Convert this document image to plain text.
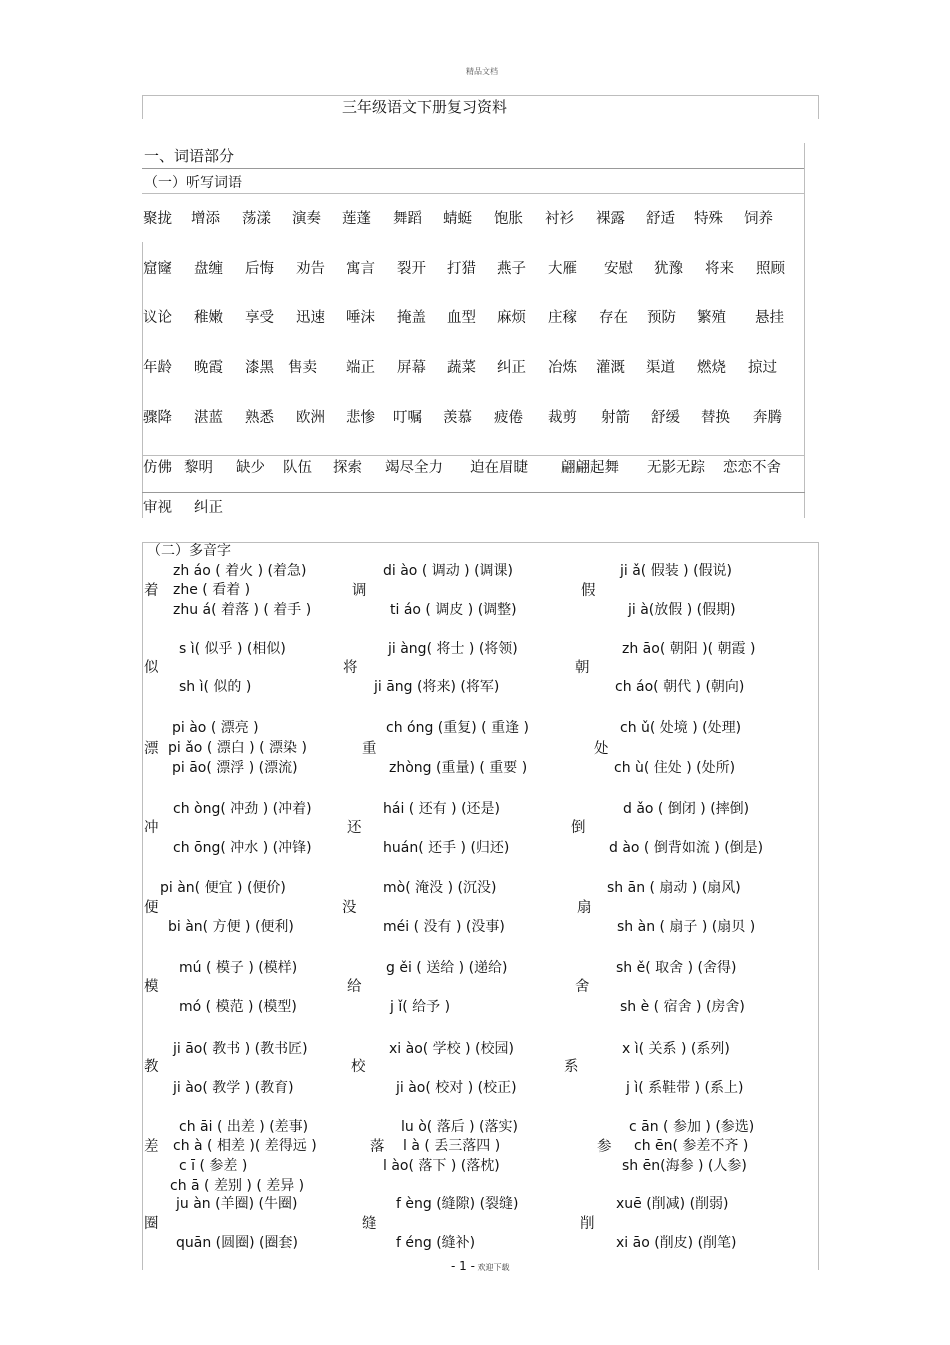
精品文档
三年级语文下册复习资料
一、词语部分
（一）听写词语
聚拢 增添 荡漾 演奏 莲蓬 舞蹈 蜻蜓 饱胀 衬衫 裸露 舒适 特殊 饲养
窟窿 盘缠 后悔 劝告 寓言 裂开 打猎 燕子 大雁 安慰 犹豫 将来 照顾
议论 稚嫩 享受 迅速 唾沫 掩盖 血型 麻烦 庄稼 存在 预防 繁殖 悬挂
年龄 晚霞 漆黑 售卖 端正 屏幕 蔬菜 纠正 冶炼 灌溉 渠道 燃烧 掠过
骤降 湛蓝 熟悉 欧洲 悲惨 叮嘱 羡慕 疲倦 裁剪 射箭 舒缓 替换 奔腾
仿佛 黎明 缺少 队伍 探索 竭尽全力 迫在眉睫 翩翩起舞 无影无踪 恋恋不舍
审视 纠正
（二）多音字
着
zh áo ( 着火 ) (着急)
zhe ( 看着 )
zhu á( 着落 ) ( 着手 )
调
di ào ( 调动 ) (调课)
ti áo ( 调皮 ) (调整)
假
ji ǎ( 假装 ) (假说)
ji à(放假 ) (假期)
似
s ì( 似乎 ) (相似)
sh ì( 似的 )
将
ji àng( 将士 ) (将领)
ji āng (将来) (将军)
朝
zh āo( 朝阳 )( 朝霞 )
ch áo( 朝代 ) (朝向)
漂
pi ào ( 漂亮 )
pi ǎo ( 漂白 ) ( 漂染 )
pi āo( 漂浮 ) (漂流)
重
ch óng (重复) ( 重逢 )
zhòng (重量) ( 重要 )
处
ch ǔ( 处境 ) (处理)
ch ù( 住处 ) (处所)
冲
ch òng( 冲劲 ) (冲着)
ch ōng( 冲水 ) (冲锋)
还
hái ( 还有 ) (还是)
huán( 还手 ) (归还)
倒
d ǎo ( 倒闭 ) (摔倒)
d ào ( 倒背如流 ) (倒是)
便
pi àn( 便宜 ) (便价)
bi àn( 方便 ) (便利)
没
mò( 淹没 ) (沉没)
méi ( 没有 ) (没事)
扇
sh ān ( 扇动 ) (扇风)
sh àn ( 扇子 ) (扇贝 )
模
mú ( 模子 ) (模样)
mó ( 模范 ) (模型)
给
g ěi ( 送给 ) (递给)
j ǐ( 给予 )
舍
sh ě( 取舍 ) (舍得)
sh è ( 宿舍 ) (房舍)
教
ji āo( 教书 ) (教书匠)
ji ào( 教学 ) (教育)
校
xi ào( 学校 ) (校园)
ji ào( 校对 ) (校正)
系
x ì( 关系 ) (系列)
j ì( 系鞋带 ) (系上)
差
ch āi ( 出差 ) (差事)
ch à ( 相差 )( 差得远 )
c ī ( 参差 )
ch ā ( 差别 ) ( 差异 )
落
lu ò( 落后 ) (落实)
l à ( 丢三落四 )
l ào( 落下 ) (落枕)
参
c ān ( 参加 ) (参选)
ch ēn( 参差不齐 )
sh ēn(海参 ) (人参)
圈
ju àn (羊圈) (牛圈)
quān (圆圈) (圈套)
缝
f èng (缝隙) (裂缝)
f éng (缝补)
削
xuē (削减) (削弱)
xi āo (削皮) (削笔)
- 1 - 欢迎下载
